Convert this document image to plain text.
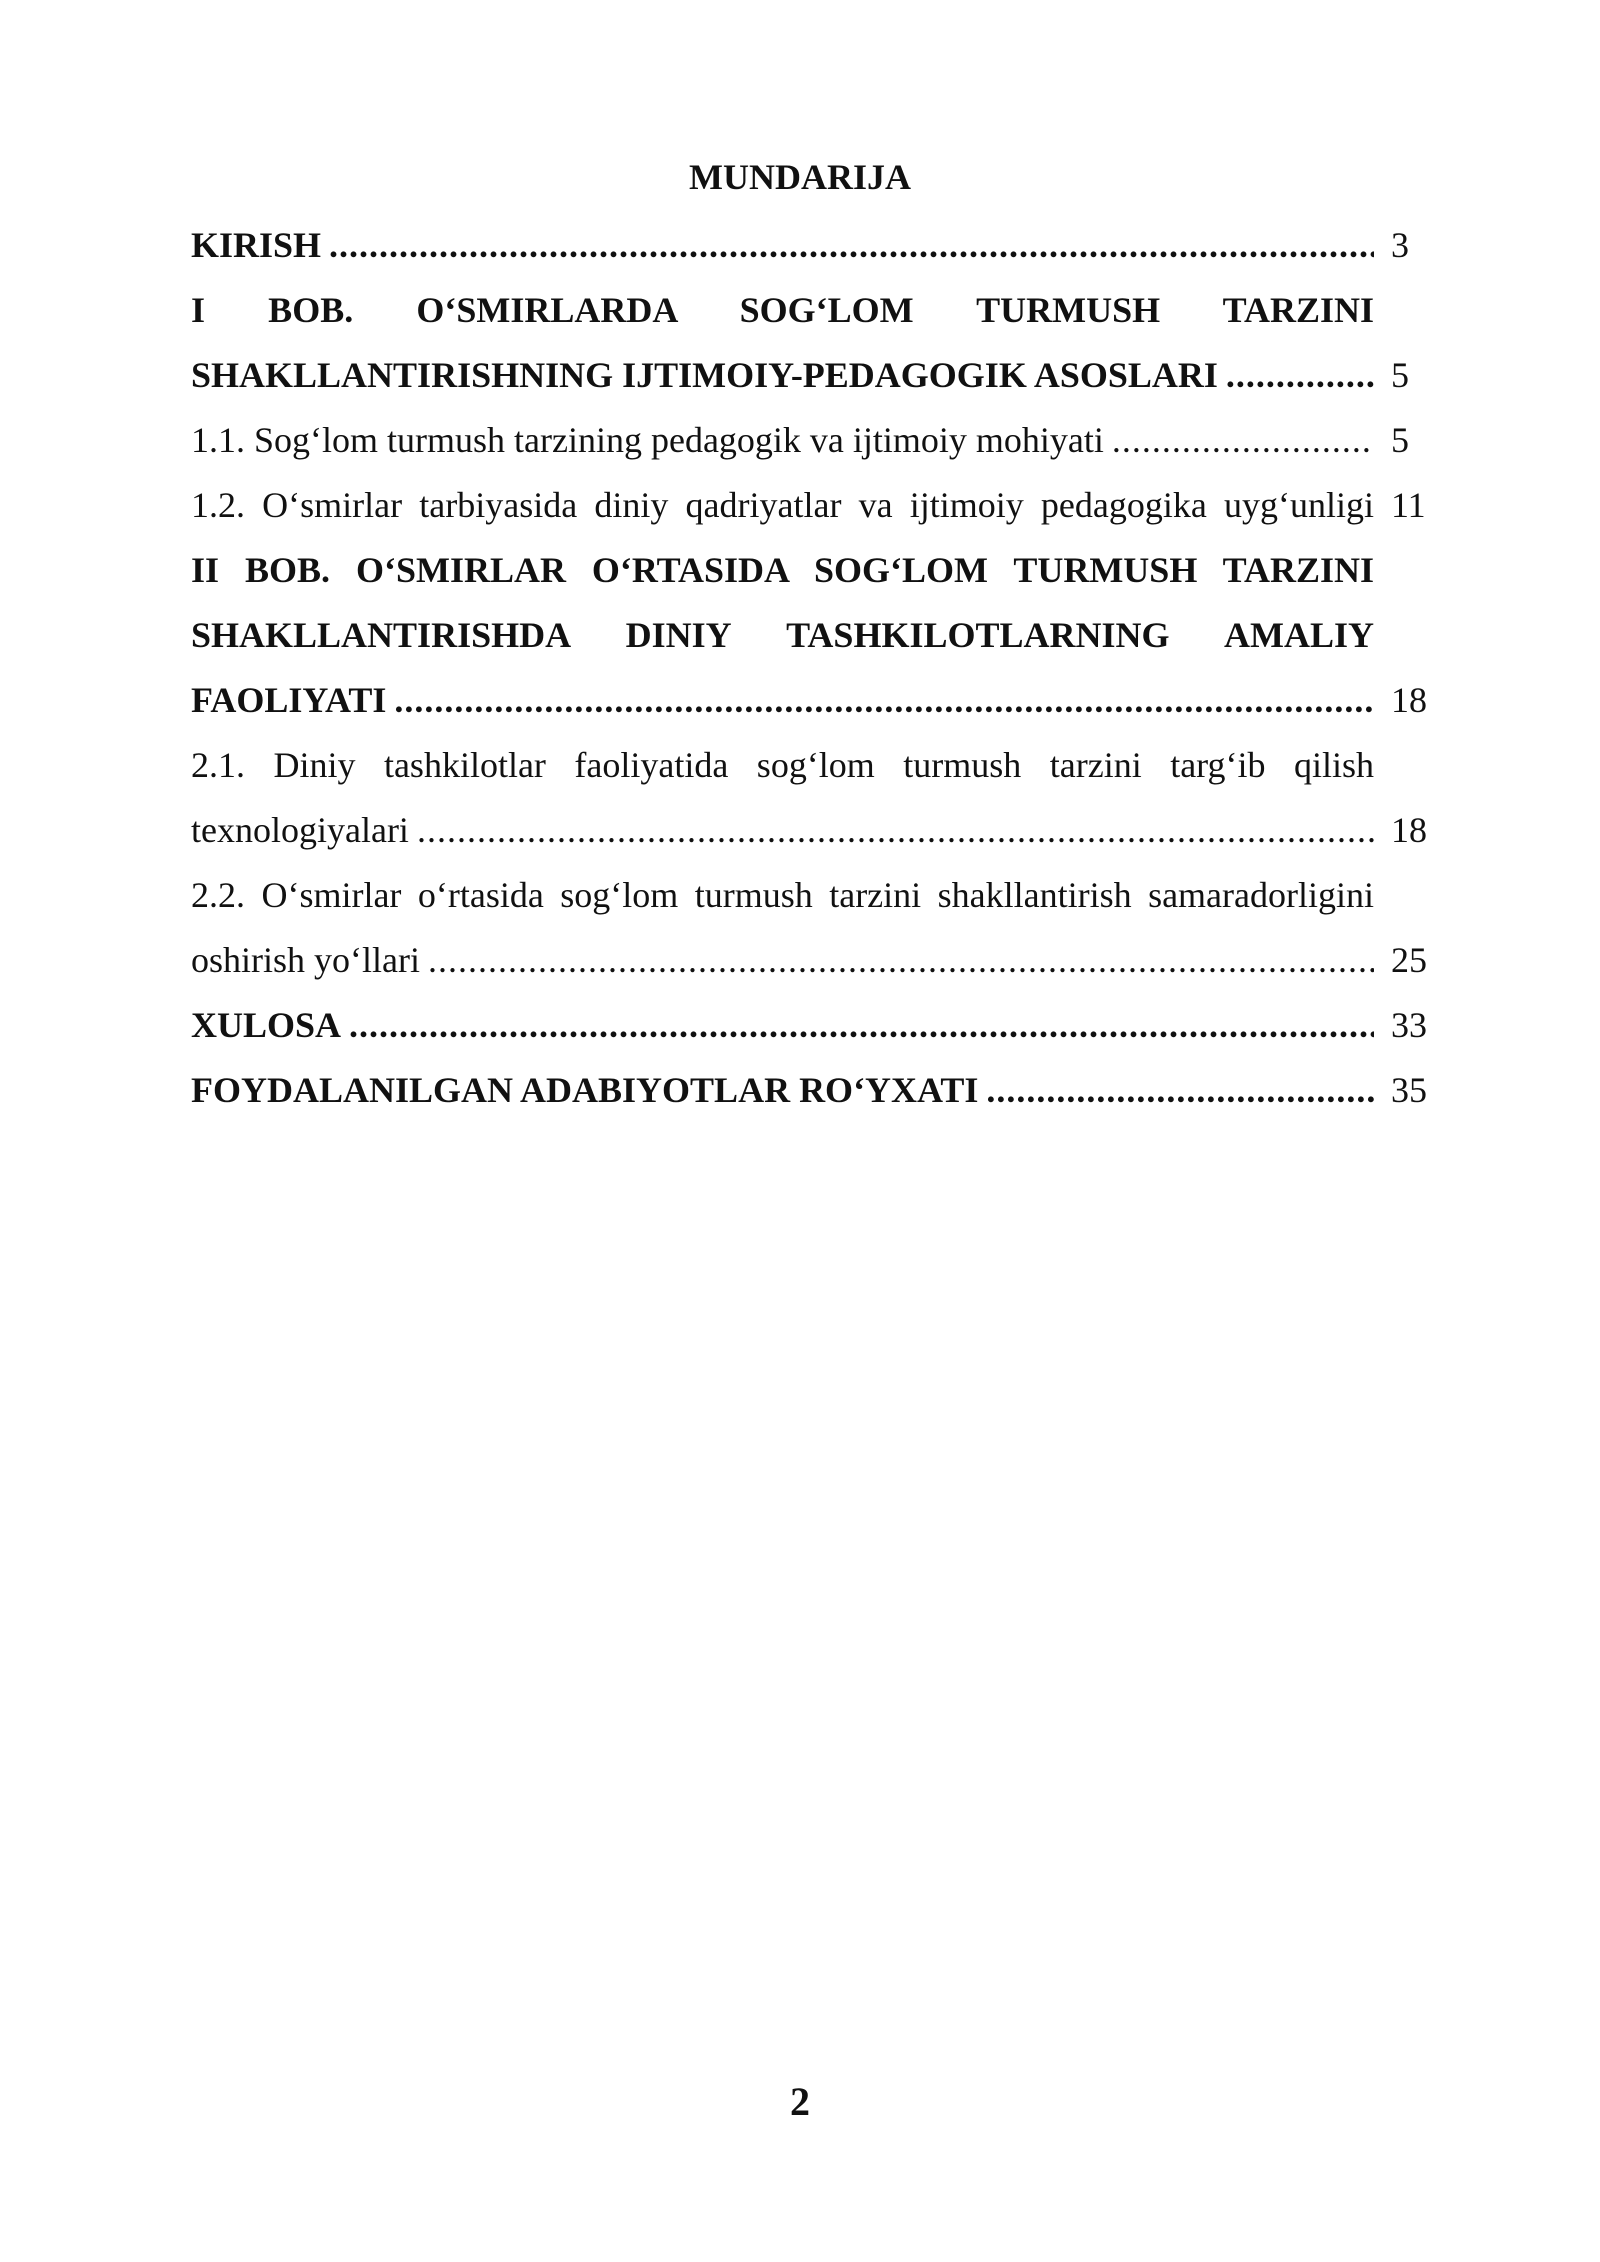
MUNDARIJA
KIRISH .....	3
I BOB. O‘SMIRLARDA SOG‘LOM TURMUSH TARZINI
SHAKLLANTIRISHNING IJTIMOIY-PEDAGOGIK ASOSLARI .....	5
1.1. Sog‘lom turmush tarzining pedagogik va ijtimoiy mohiyati .....	5
1.2. O‘smirlar tarbiyasida diniy qadriyatlar va ijtimoiy pedagogika uyg‘unligi 11
II BOB. O‘SMIRLAR O‘RTASIDA SOG‘LOM TURMUSH TARZINI
SHAKLLANTIRISHDA DINIY TASHKILOTLARNING AMALIY
FAOLIYATI .....	18
2.1. Diniy tashkilotlar faoliyatida sog‘lom turmush tarzini targ‘ib qilish
texnologiyalari .....	18
2.2. O‘smirlar o‘rtasida sog‘lom turmush tarzini shakllantirish samaradorligini
oshirish yo‘llari .....	25
XULOSA .....	33
FOYDALANILGAN ADABIYOTLAR RO‘YXATI .....	35
2
